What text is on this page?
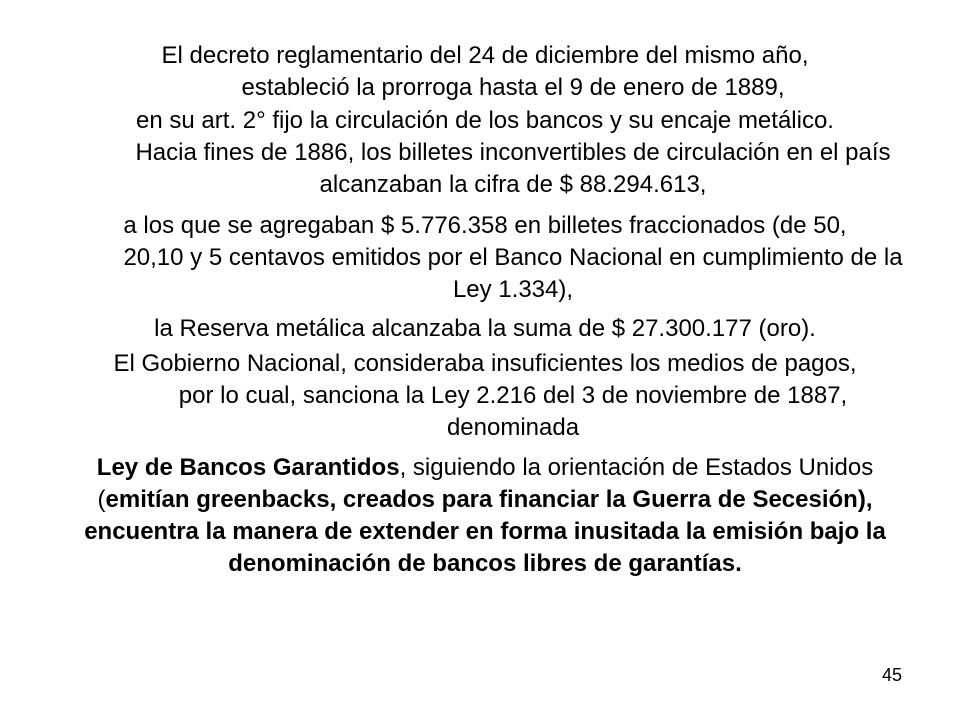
El decreto reglamentario del 24 de diciembre del mismo año,
estableció la prorroga hasta el 9 de enero de 1889,

en su art. 2° fijo la circulación de los bancos y su encaje metálico.
Hacia fines de 1886, los billetes inconvertibles de circulación en el país alcanzaban la cifra de $ 88.294.613,

a los que se agregaban $ 5.776.358 en billetes fraccionados (de 50,
20,10 y 5 centavos emitidos por el Banco Nacional en cumplimiento de la Ley 1.334),

la Reserva metálica alcanzaba la suma de $ 27.300.177 (oro).

El Gobierno Nacional, consideraba insuficientes los medios de pagos,
por lo cual, sanciona la Ley 2.216 del 3 de noviembre de 1887, denominada

Ley de Bancos Garantidos, siguiendo la orientación de Estados Unidos (emitían greenbacks, creados para financiar la Guerra de Secesión), encuentra la manera de extender en forma inusitada la emisión bajo la denominación de bancos libres de garantías.

45
